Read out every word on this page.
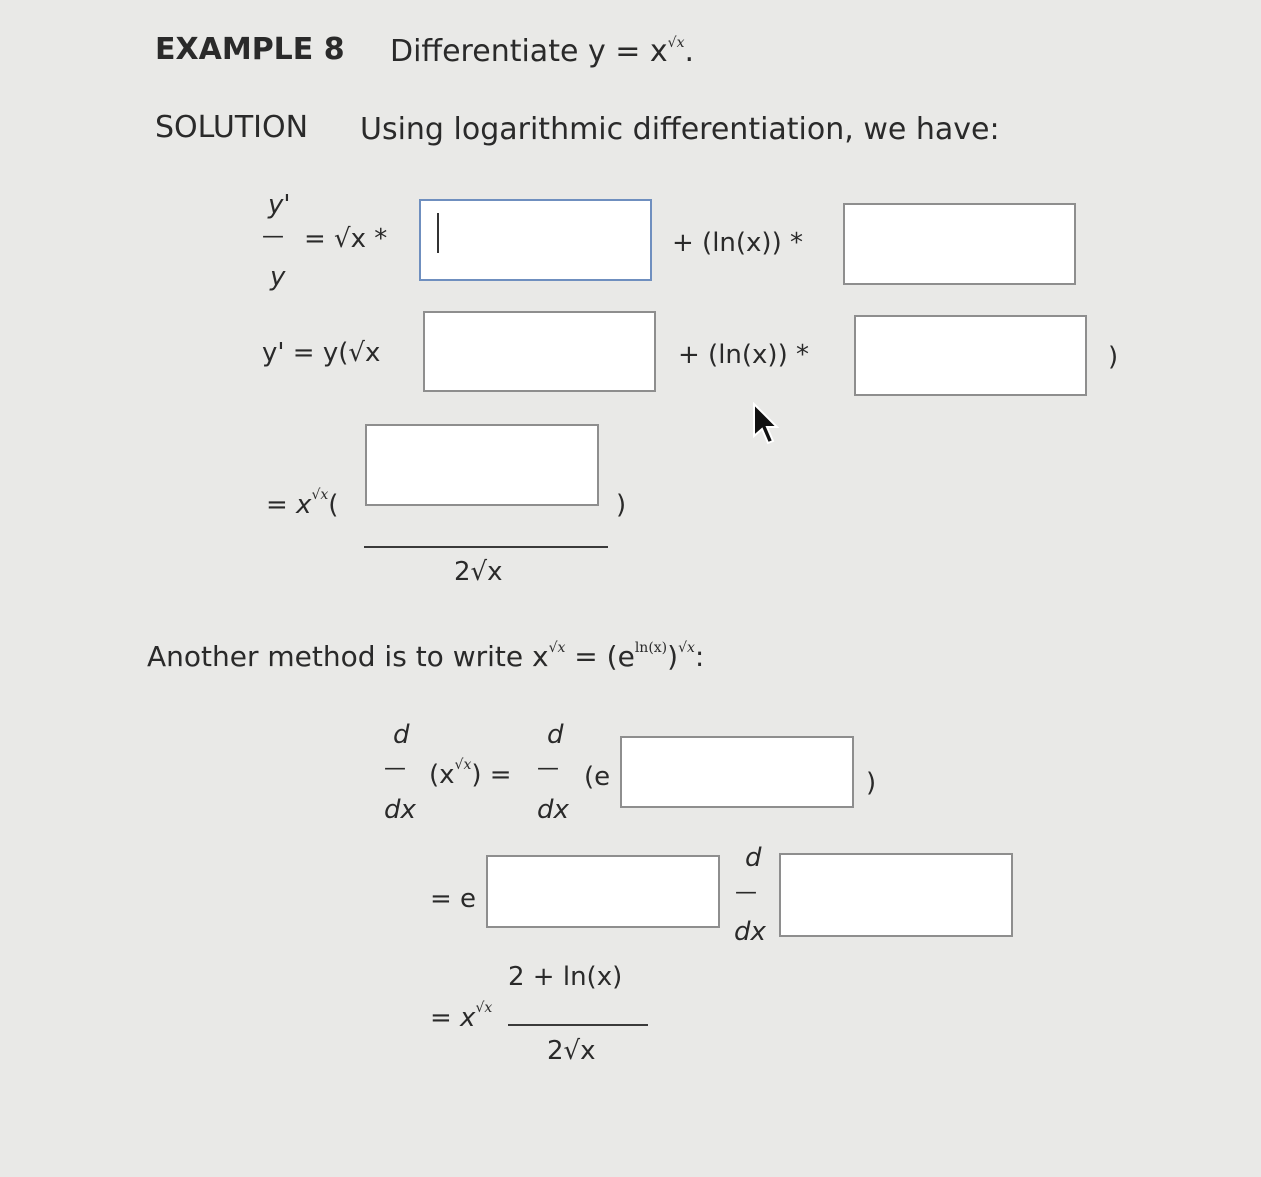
EXAMPLE 8 Differentiate $y = x^{√x}$.
SOLUTION Using logarithmic differentiation, we have:
y'
—
y
= √x *	+ (ln(x)) *
y' = y(√x	+ (ln(x)) *	)
= $x^{√x}$(	)
2√x
Another method is to write $x^{√x} = (e^{ln(x)})^{√x}$:
d
—
dx
$(x^{√x})$ =
d
—
dx
(e	)
= e
d
—
dx
2 + ln(x)
= $x^{√x}$
2√x
